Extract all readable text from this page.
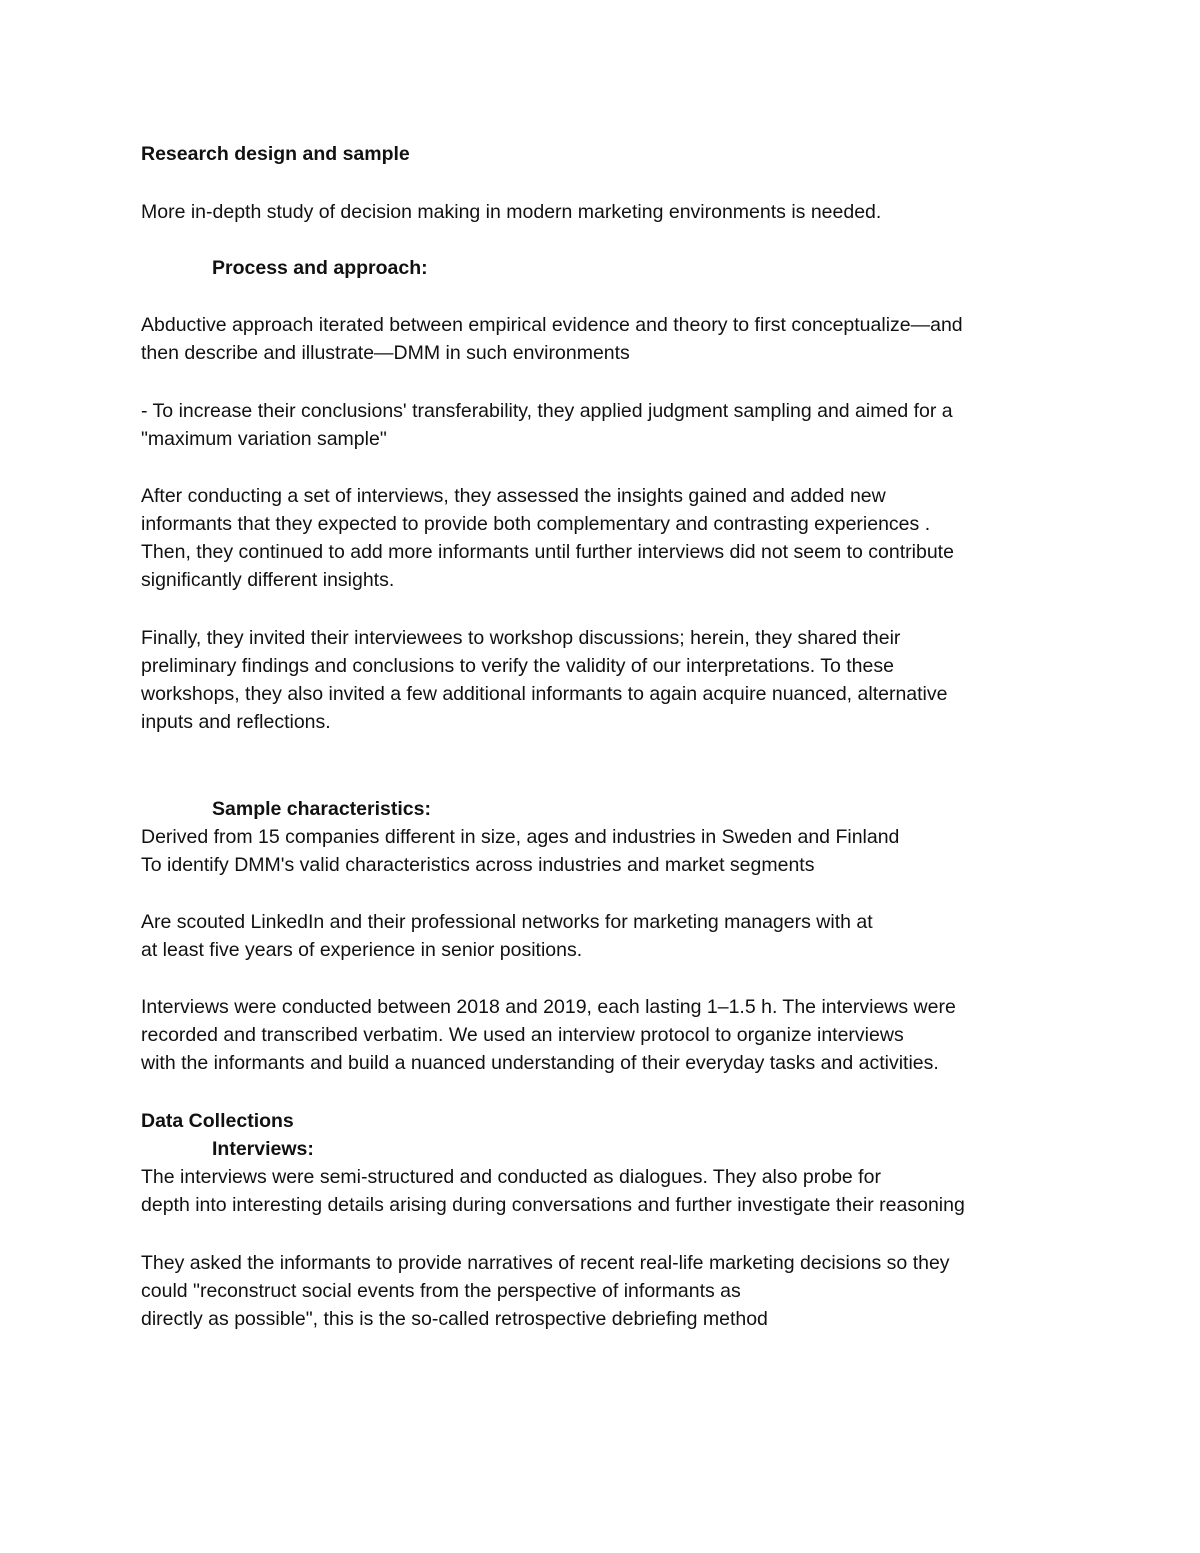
Research design and sample

More in-depth study of decision making in modern marketing environments is needed.

Process and approach:

Abductive approach iterated between empirical evidence and theory to first conceptualize—and

then describe and illustrate—DMM in such environments

- To increase their conclusions' transferability, they applied judgment sampling and aimed for a

"maximum variation sample"

After conducting a set of interviews, they assessed the insights gained and added new

informants that they expected to provide both complementary and contrasting experiences .

Then, they continued to add more informants until further interviews did not seem to contribute

significantly different insights.

Finally, they invited their interviewees to workshop discussions; herein, they shared their

preliminary findings and conclusions to verify the validity of our interpretations. To these

workshops, they also invited a few additional informants to again acquire nuanced, alternative

inputs and reflections.

Sample characteristics:

Derived from 15 companies different in size, ages and industries in Sweden and Finland

To identify DMM's valid characteristics across industries and market segments

Are scouted LinkedIn and their professional networks for marketing managers with at

at least five years of experience in senior positions.

Interviews were conducted between 2018 and 2019, each lasting 1–1.5 h. The interviews were

recorded and transcribed verbatim. We used an interview protocol to organize interviews

with the informants and build a nuanced understanding of their everyday tasks and activities.

Data Collections

Interviews:

The interviews were semi-structured and conducted as dialogues. They also probe for

depth into interesting details arising during conversations and further investigate their reasoning

They asked the informants to provide narratives of recent real-life marketing decisions so they

could "reconstruct social events from the perspective of informants as

directly as possible", this is the so-called retrospective debriefing method
